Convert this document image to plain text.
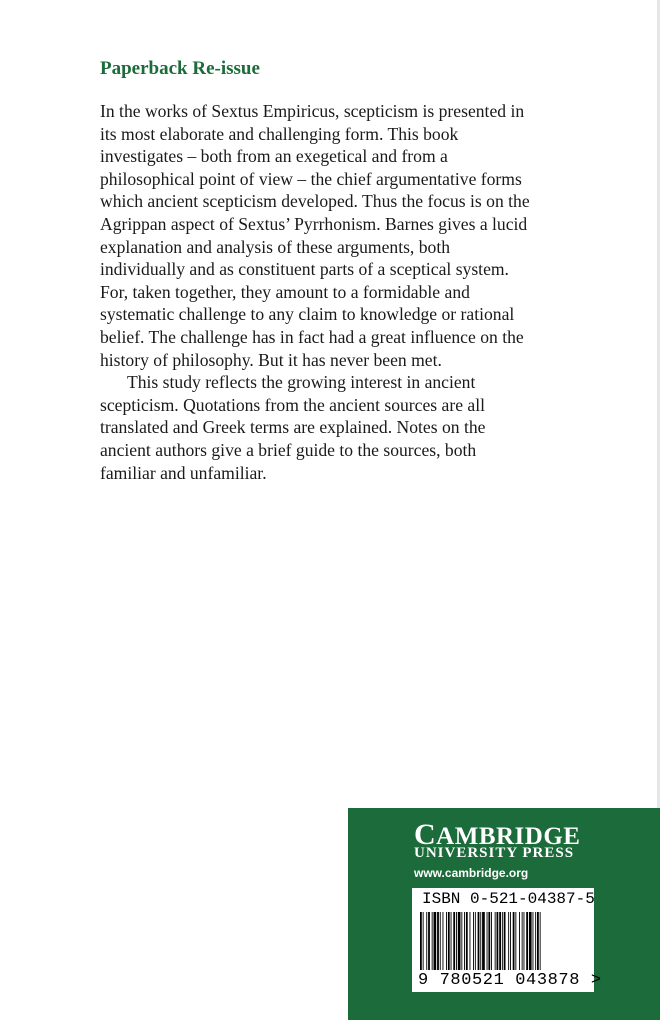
Paperback Re-issue

In the works of Sextus Empiricus, scepticism is presented in
its most elaborate and challenging form. This book
investigates – both from an exegetical and from a
philosophical point of view – the chief argumentative forms
which ancient scepticism developed. Thus the focus is on the
Agrippan aspect of Sextus’ Pyrrhonism. Barnes gives a lucid
explanation and analysis of these arguments, both
individually and as constituent parts of a sceptical system.
For, taken together, they amount to a formidable and
systematic challenge to any claim to knowledge or rational
belief. The challenge has in fact had a great influence on the
history of philosophy. But it has never been met.

This study reflects the growing interest in ancient

scepticism. Quotations from the ancient sources are all
translated and Greek terms are explained. Notes on the
ancient authors give a brief guide to the sources, both
familiar and unfamiliar.

CAMBRIDGE
UNIVERSITY PRESS
www.cambridge.org
ISBN 0-521-04387-5
9 780521 043878 >
